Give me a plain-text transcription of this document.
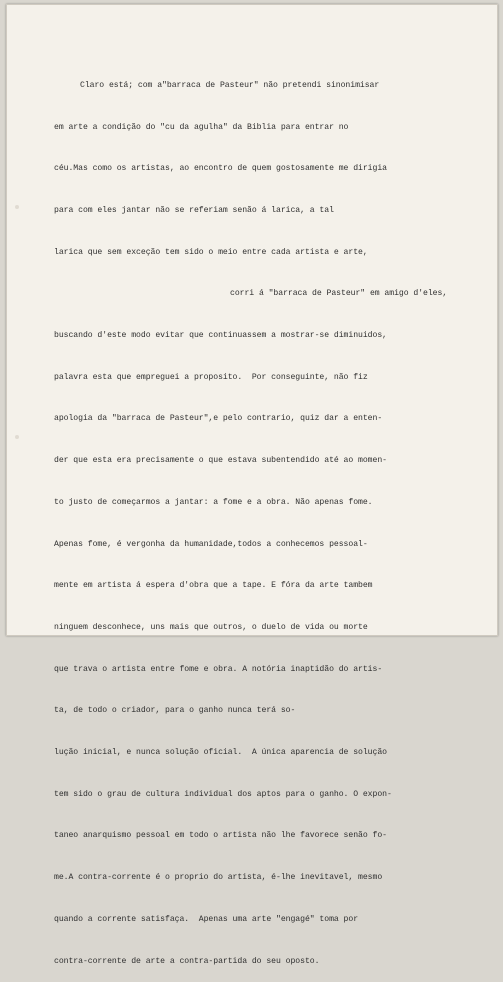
Claro está; com a"barraca de Pasteur" não pretendi sinonimisar

em arte a condição do "cu da agulha" da Biblia para entrar no

céu.Mas como os artistas, ao encontro de quem gostosamente me dirigia

para com eles jantar não se referiam senão á larica, a tal

larica que sem exceção tem sido o meio entre cada artista e arte,

corri á "barraca de Pasteur" em amigo d'eles,

buscando d'este modo evitar que continuassem a mostrar-se diminuidos,

palavra esta que empreguei a proposito.  Por conseguinte, não fiz

apologia da "barraca de Pasteur",e pelo contrario, quiz dar a enten-

der que esta era precisamente o que estava subentendido até ao momen-

to justo de começarmos a jantar: a fome e a obra. Não apenas fome.

Apenas fome, é vergonha da humanidade,todos a conhecemos pessoal-

mente em artista á espera d'obra que a tape. E fóra da arte tambem

ninguem desconhece, uns mais que outros, o duelo de vida ou morte

que trava o artista entre fome e obra. A notória inaptidão do artis-

ta, de todo o criador, para o ganho nunca terá so-

lução inicial, e nunca solução oficial.  A única aparencia de solução

tem sido o grau de cultura individual dos aptos para o ganho. O expon-

taneo anarquismo pessoal em todo o artista não lhe favorece senão fo-

me.A contra-corrente é o proprio do artista, é-lhe inevitavel, mesmo

quando a corrente satisfaça.  Apenas uma arte "engagé" toma por

contra-corrente de arte a contra-partida do seu oposto.
